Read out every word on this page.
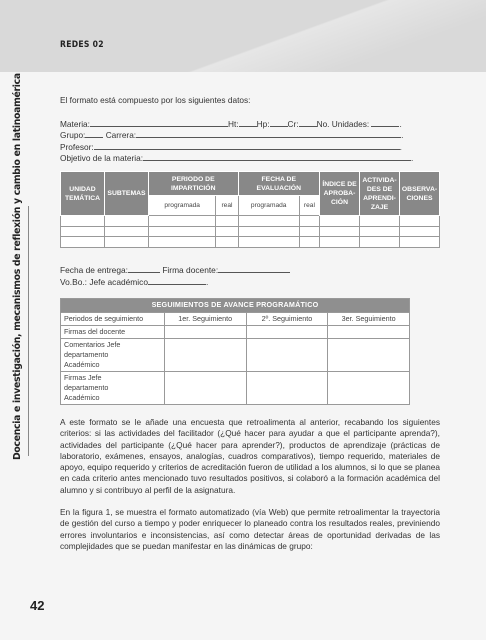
REDES 02
Docencia e investigación, mecanismos de reflexión y cambio en latinoamérica
42
El formato está compuesto por los siguientes datos:
Materia:	Ht: Hp: Cr: No. Unidades:	.
Grupo: Carrera:	.
Profesor:	.
Objetivo de la materia:	.
UNIDAD TEMÁTICA	SUBTEMAS	PERIODO DE IMPARTICIÓN		FECHA DE EVALUACIÓN		ÍNDICE DE APROBA-CIÓN	ACTIVIDA-DES DE APRENDI-ZAJE	OBSERVA-CIONES
		programada	real	programada	real			

Fecha de entrega:	Firma docente:
Vo.Bo.: Jefe académico	.
SEGUIMIENTOS DE AVANCE PROGRAMÁTICO			
Periodos de seguimiento	1er. Seguimiento	2º. Seguimiento	3er. Seguimiento
Firmas del docente			
Comentarios Jefe departamento Académico			
Firmas Jefe departamento Académico			

A este formato se le añade una encuesta que retroalimenta al anterior, recabando los siguientes criterios: si las actividades del facilitador (¿Qué hacer para ayudar a que el participante aprenda?), actividades del participante (¿Qué hacer para aprender?), productos de aprendizaje (prácticas de laboratorio, exámenes, ensayos, analogías, cuadros comparativos), tiempo requerido, materiales de apoyo, equipo requerido y criterios de acreditación fueron de utilidad a los alumnos, si lo que se planea en cada criterio antes mencionado tuvo resultados positivos, si colaboró a la formación académica del alumno y si contribuyo al perfil de la asignatura.

En la figura 1, se muestra el formato automatizado (vía Web) que permite retroalimentar la trayectoria de gestión del curso a tiempo y poder enriquecer lo planeado contra los resultados reales, previniendo errores involuntarios e inconsistencias, así como detectar áreas de oportunidad derivadas de las complejidades que se puedan manifestar en las dinámicas de grupo:
